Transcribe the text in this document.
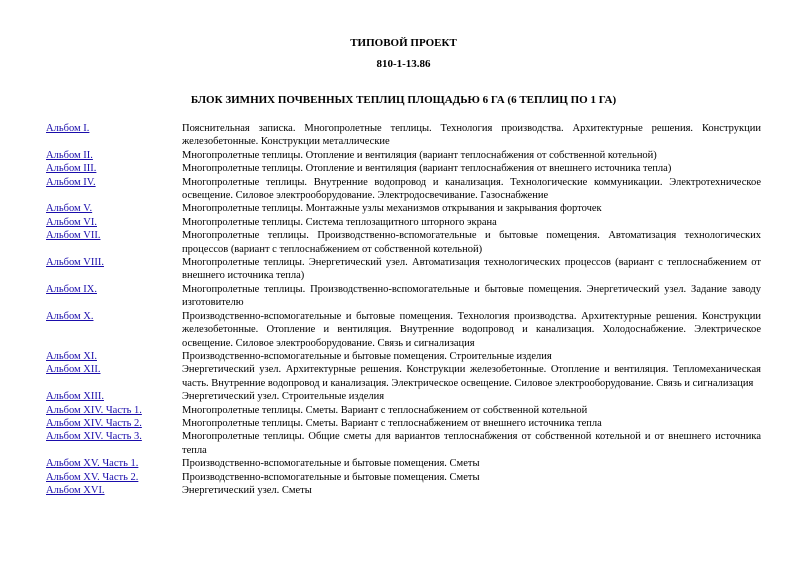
ТИПОВОЙ ПРОЕКТ
810-1-13.86
БЛОК ЗИМНИХ ПОЧВЕННЫХ ТЕПЛИЦ ПЛОЩАДЬЮ 6 ГА (6 ТЕПЛИЦ ПО 1 ГА)
Альбом I.	Пояснительная записка. Многопролетные теплицы. Технология производства. Архитектурные решения. Конструкции железобетонные. Конструкции металлические
Альбом II.	Многопролетные теплицы. Отопление и вентиляция (вариант теплоснабжения от собственной котельной)
Альбом III.	Многопролетные теплицы. Отопление и вентиляция (вариант теплоснабжения от внешнего источника тепла)
Альбом IV.	Многопролетные теплицы. Внутренние водопровод и канализация. Технологические коммуникации. Электротехническое освещение. Силовое электрооборудование. Электродосвечивание. Газоснабжение
Альбом V.	Многопролетные теплицы. Монтажные узлы механизмов открывания и закрывания форточек
Альбом VI.	Многопролетные теплицы. Система теплозащитного шторного экрана
Альбом VII.	Многопролетные теплицы. Производственно-вспомогательные и бытовые помещения. Автоматизация технологических процессов (вариант с теплоснабжением от собственной котельной)
Альбом VIII.	Многопролетные теплицы. Энергетический узел. Автоматизация технологических процессов (вариант с теплоснабжением от внешнего источника тепла)
Альбом IX.	Многопролетные теплицы. Производственно-вспомогательные и бытовые помещения. Энергетический узел. Задание заводу изготовителю
Альбом X.	Производственно-вспомогательные и бытовые помещения. Технология производства. Архитектурные решения. Конструкции железобетонные. Отопление и вентиляция. Внутренние водопровод и канализация. Холодоснабжение. Электрическое освещение. Силовое электрооборудование. Связь и сигнализация
Альбом XI.	Производственно-вспомогательные и бытовые помещения. Строительные изделия
Альбом XII.	Энергетический узел. Архитектурные решения. Конструкции железобетонные. Отопление и вентиляция. Тепломеханическая часть. Внутренние водопровод и канализация. Электрическое освещение. Силовое электрооборудование. Связь и сигнализация
Альбом XIII.	Энергетический узел. Строительные изделия
Альбом XIV. Часть 1.	Многопролетные теплицы. Сметы. Вариант с теплоснабжением от собственной котельной
Альбом XIV. Часть 2.	Многопролетные теплицы. Сметы. Вариант с теплоснабжением от внешнего источника тепла
Альбом XIV. Часть 3.	Многопролетные теплицы. Общие сметы для вариантов теплоснабжения от собственной котельной и от внешнего источника тепла
Альбом XV. Часть 1.	Производственно-вспомогательные и бытовые помещения. Сметы
Альбом XV. Часть 2.	Производственно-вспомогательные и бытовые помещения. Сметы
Альбом XVI.	Энергетический узел. Сметы
